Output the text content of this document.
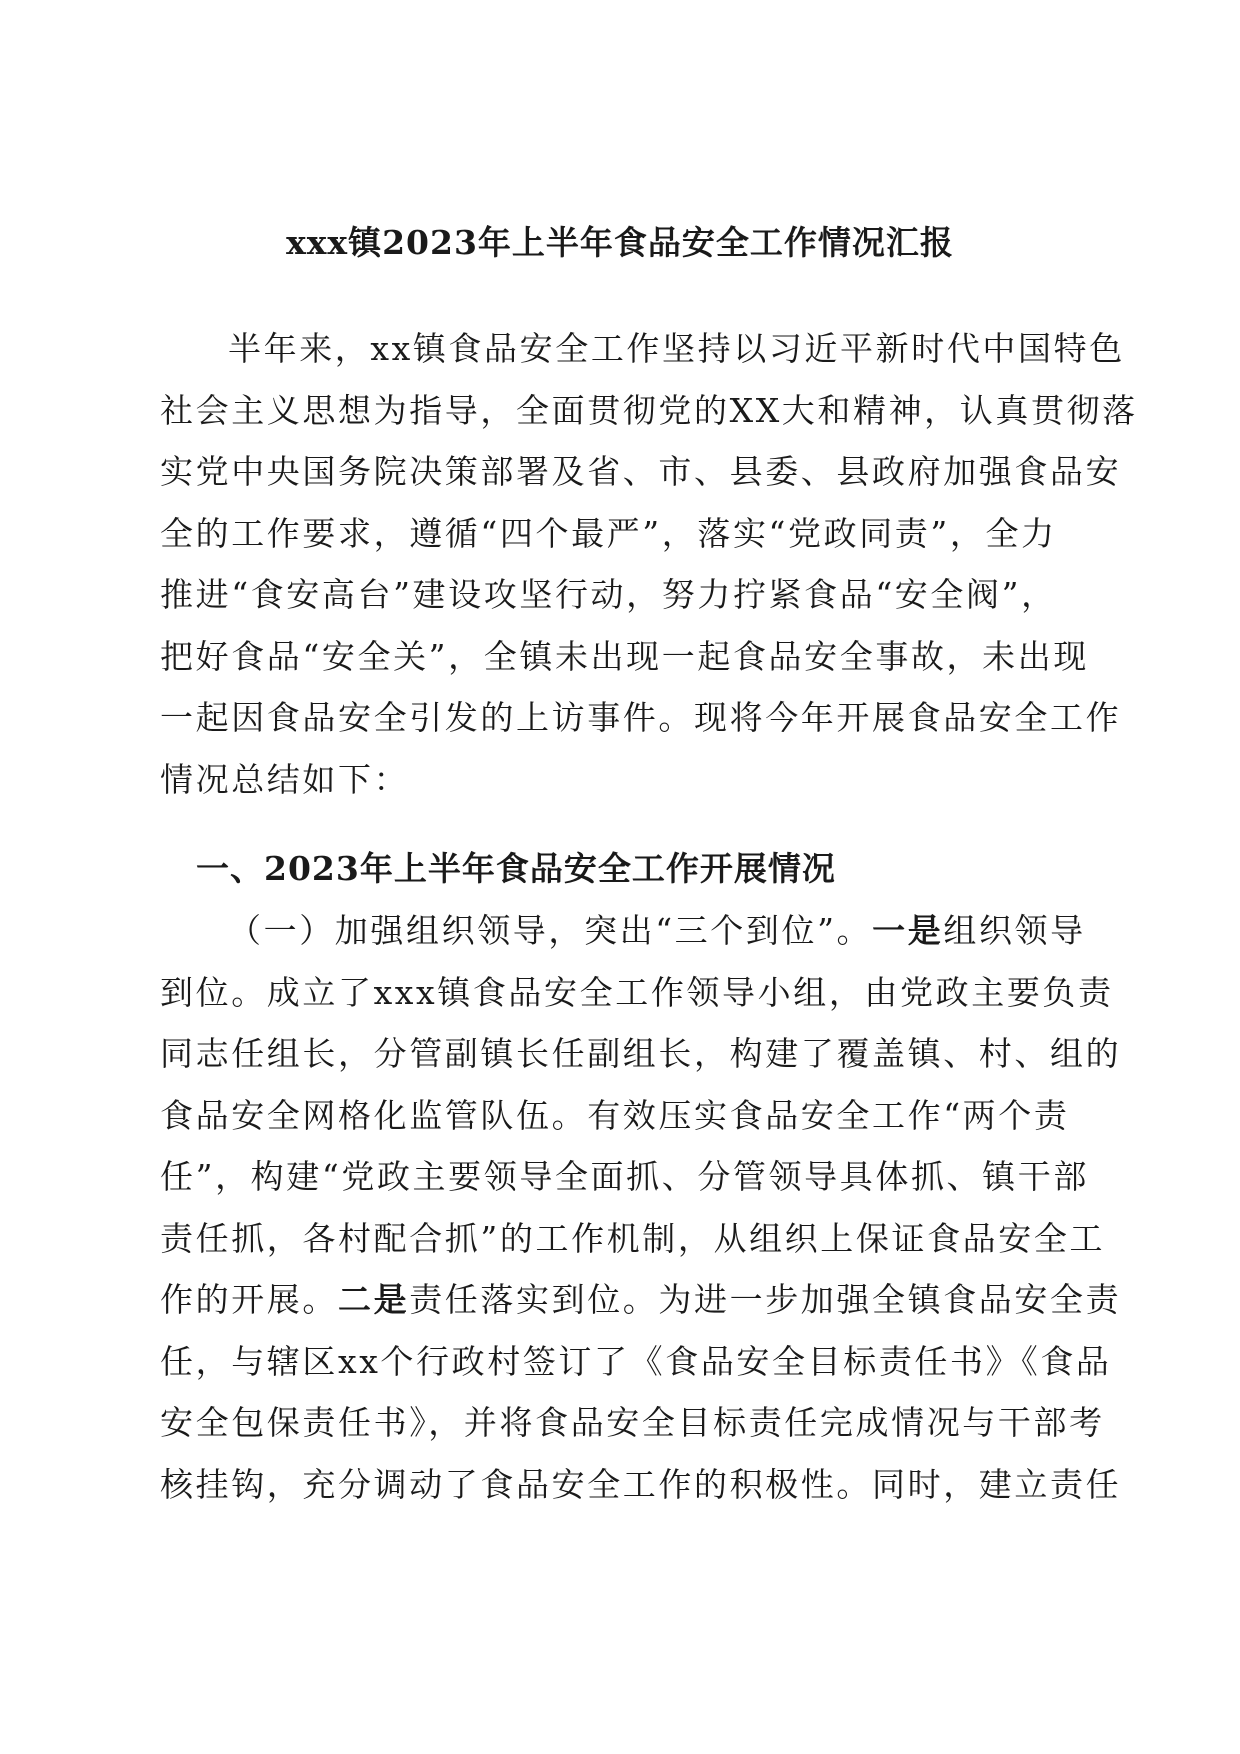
xxx镇2023年上半年食品安全工作情况汇报
半年来，xx镇食品安全工作坚持以习近平新时代中国特色
社会主义思想为指导，全面贯彻党的XX大和精神，认真贯彻落
实党中央国务院决策部署及省、市、县委、县政府加强食品安
全的工作要求，遵循“四个最严”，落实“党政同责”，全力
推进“食安高台”建设攻坚行动，努力拧紧食品“安全阀”，
把好食品“安全关”，全镇未出现一起食品安全事故，未出现
一起因食品安全引发的上访事件。现将今年开展食品安全工作
情况总结如下：
一、2023年上半年食品安全工作开展情况
（一）加强组织领导，突出“三个到位”。一是组织领导
到位。成立了xxx镇食品安全工作领导小组，由党政主要负责
同志任组长，分管副镇长任副组长，构建了覆盖镇、村、组的
食品安全网格化监管队伍。有效压实食品安全工作“两个责
任”，构建“党政主要领导全面抓、分管领导具体抓、镇干部
责任抓，各村配合抓”的工作机制，从组织上保证食品安全工
作的开展。二是责任落实到位。为进一步加强全镇食品安全责
任，与辖区xx个行政村签订了《食品安全目标责任书》《食品
安全包保责任书》，并将食品安全目标责任完成情况与干部考
核挂钩，充分调动了食品安全工作的积极性。同时，建立责任
